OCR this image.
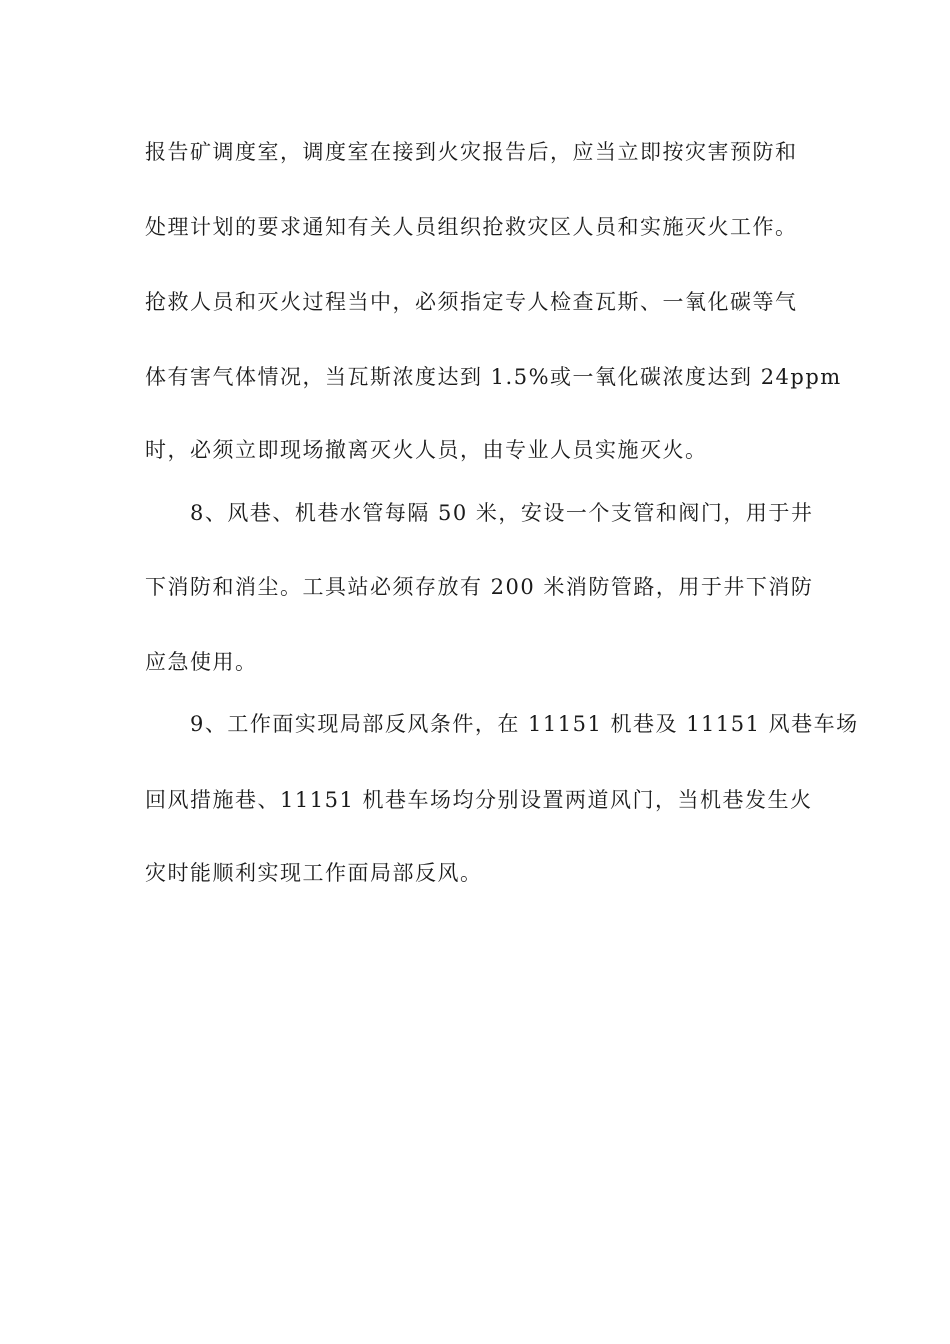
报告矿调度室，调度室在接到火灾报告后，应当立即按灾害预防和
处理计划的要求通知有关人员组织抢救灾区人员和实施灭火工作。
抢救人员和灭火过程当中，必须指定专人检查瓦斯、一氧化碳等气
体有害气体情况，当瓦斯浓度达到 1.5%或一氧化碳浓度达到 24ppm
时，必须立即现场撤离灭火人员，由专业人员实施灭火。
8、风巷、机巷水管每隔 50 米，安设一个支管和阀门，用于井
下消防和消尘。工具站必须存放有 200 米消防管路，用于井下消防
应急使用。
9、工作面实现局部反风条件，在 11151 机巷及 11151 风巷车场
回风措施巷、11151 机巷车场均分别设置两道风门，当机巷发生火
灾时能顺利实现工作面局部反风。
